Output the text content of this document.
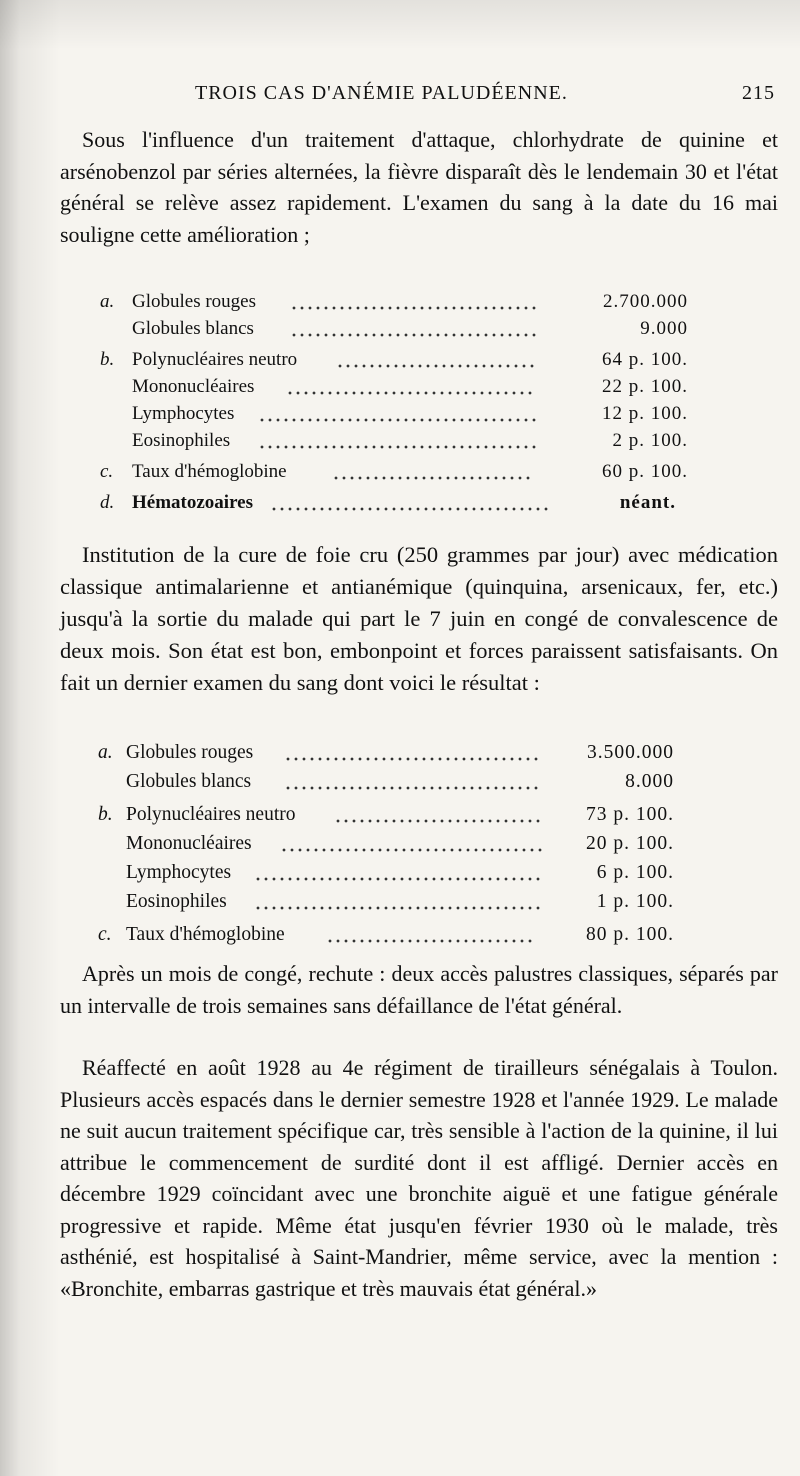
TROIS CAS D'ANÉMIE PALUDÉENNE.	215

Sous l'influence d'un traitement d'attaque, chlorhydrate de quinine et arsénobenzol par séries alternées, la fièvre disparaît dès le lendemain 30 et l'état général se relève assez rapidement. L'examen du sang à la date du 16 mai souligne cette amélioration ;

a. Globules rouges	2.700.000
Globules blancs	9.000
b. Polynucléaires neutro	64 p. 100.
Mononucléaires	22 p. 100.
Lymphocytes	12 p. 100.
Eosinophiles	2 p. 100.
c. Taux d'hémoglobine	60 p. 100.
d. Hématozoaires	néant.

Institution de la cure de foie cru (250 grammes par jour) avec médication classique antimalarienne et antianémique (quinquina, arsenicaux, fer, etc.) jusqu'à la sortie du malade qui part le 7 juin en congé de convalescence de deux mois. Son état est bon, embonpoint et forces paraissent satisfaisants. On fait un dernier examen du sang dont voici le résultat :

a. Globules rouges	3.500.000
Globules blancs	8.000
b. Polynucléaires neutro	73 p. 100.
Mononucléaires	20 p. 100.
Lymphocytes	6 p. 100.
Eosinophiles	1 p. 100.
c. Taux d'hémoglobine	80 p. 100.

Après un mois de congé, rechute : deux accès palustres classiques, séparés par un intervalle de trois semaines sans défaillance de l'état général.

Réaffecté en août 1928 au 4e régiment de tirailleurs sénégalais à Toulon. Plusieurs accès espacés dans le dernier semestre 1928 et l'année 1929. Le malade ne suit aucun traitement spécifique car, très sensible à l'action de la quinine, il lui attribue le commencement de surdité dont il est affligé. Dernier accès en décembre 1929 coïncidant avec une bronchite aiguë et une fatigue générale progressive et rapide. Même état jusqu'en février 1930 où le malade, très asthénié, est hospitalisé à Saint-Mandrier, même service, avec la mention : «Bronchite, embarras gastrique et très mauvais état général.»
